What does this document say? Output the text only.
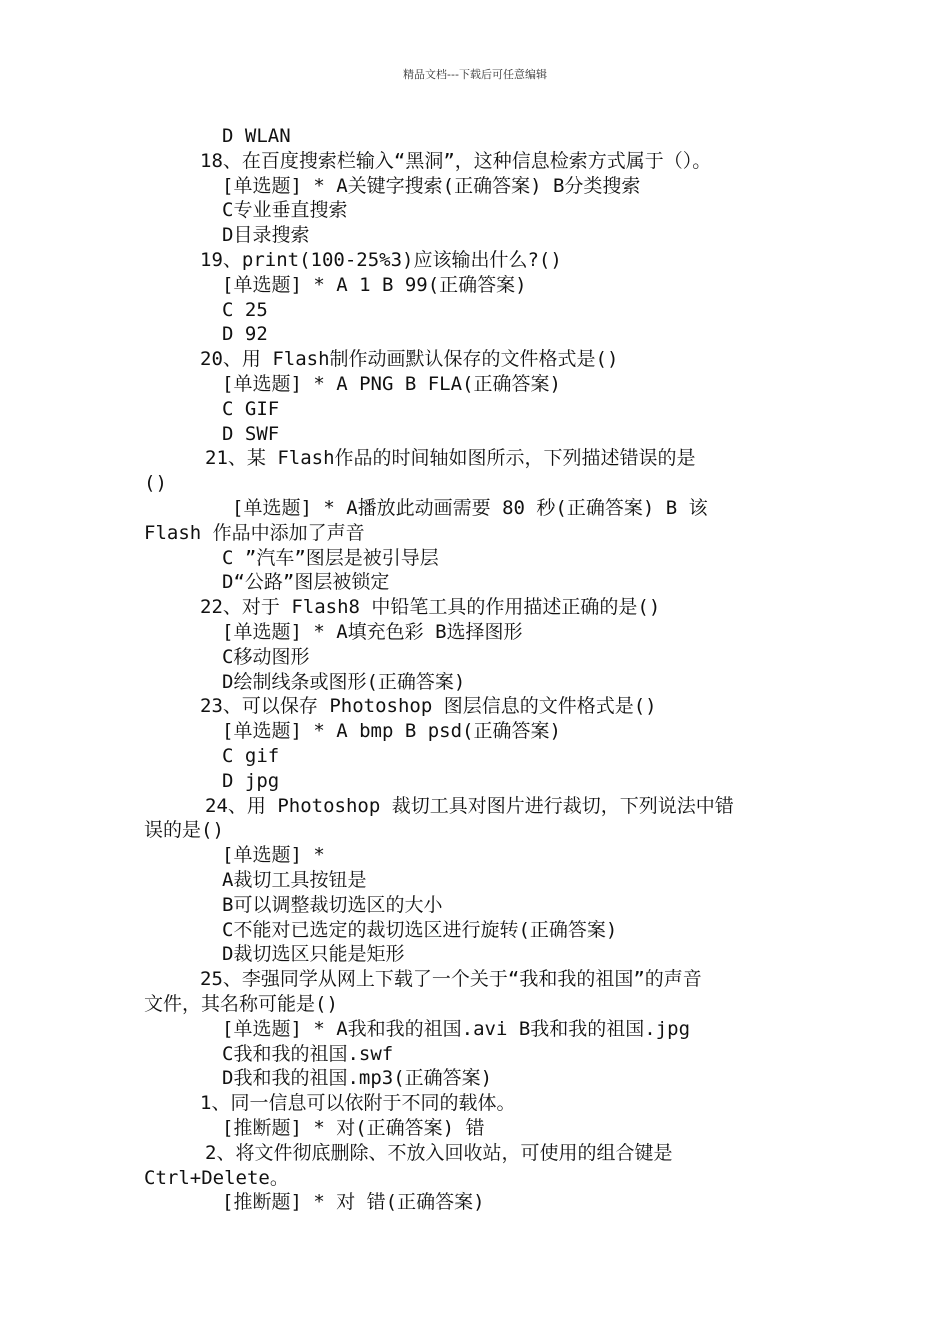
精品文档---下载后可任意编辑
D WLAN
18、在百度搜索栏输入“黑洞”，这种信息检索方式属于（）。
[单选题] * A关键字搜索(正确答案) B分类搜索
C专业垂直搜索
D目录搜索
19、print(100-25%3)应该输出什么?()
[单选题] * A 1 B 99(正确答案)
C 25
D 92
20、用 Flash制作动画默认保存的文件格式是()
[单选题] * A PNG B FLA(正确答案)
C GIF
D SWF
21、某 Flash作品的时间轴如图所示，下列描述错误的是
()
[单选题] * A播放此动画需要 80 秒(正确答案) B 该
Flash 作品中添加了声音
C ”汽车”图层是被引导层
D“公路”图层被锁定
22、对于 Flash8 中铅笔工具的作用描述正确的是()
[单选题] * A填充色彩 B选择图形
C移动图形
D绘制线条或图形(正确答案)
23、可以保存 Photoshop 图层信息的文件格式是()
[单选题] * A bmp B psd(正确答案)
C gif
D jpg
24、用 Photoshop 裁切工具对图片进行裁切，下列说法中错
误的是()
[单选题] *
A裁切工具按钮是
B可以调整裁切选区的大小
C不能对已选定的裁切选区进行旋转(正确答案)
D裁切选区只能是矩形
25、李强同学从网上下载了一个关于“我和我的祖国”的声音
文件，其名称可能是()
[单选题] * A我和我的祖国.avi B我和我的祖国.jpg
C我和我的祖国.swf
D我和我的祖国.mp3(正确答案)
1、同一信息可以依附于不同的载体。
[推断题] * 对(正确答案) 错
2、将文件彻底删除、不放入回收站，可使用的组合键是
Ctrl+Delete。
[推断题] * 对 错(正确答案)
